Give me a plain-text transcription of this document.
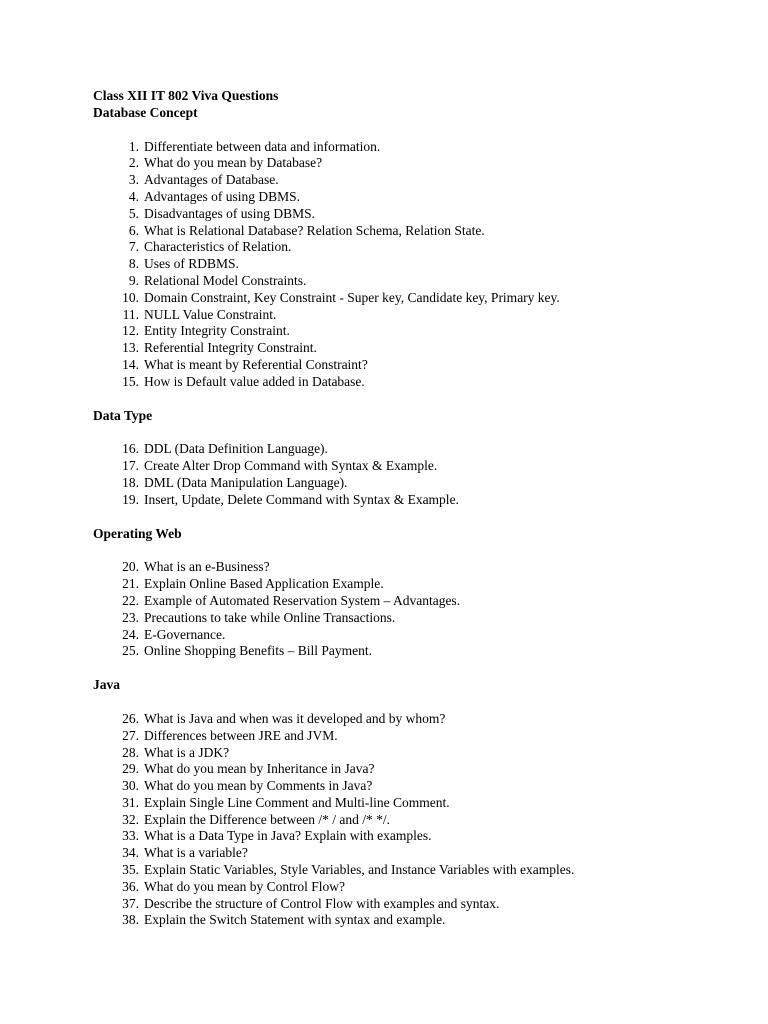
Class XII IT 802 Viva Questions

Database Concept

1. Differentiate between data and information.
2. What do you mean by Database?
3. Advantages of Database.
4. Advantages of using DBMS.
5. Disadvantages of using DBMS.
6. What is Relational Database? Relation Schema, Relation State.
7. Characteristics of Relation.
8. Uses of RDBMS.
9. Relational Model Constraints.
10. Domain Constraint, Key Constraint - Super key, Candidate key, Primary key.
11. NULL Value Constraint.
12. Entity Integrity Constraint.
13. Referential Integrity Constraint.
14. What is meant by Referential Constraint?
15. How is Default value added in Database.

Data Type

16. DDL (Data Definition Language).
17. Create Alter Drop Command with Syntax & Example.
18. DML (Data Manipulation Language).
19. Insert, Update, Delete Command with Syntax & Example.

Operating Web

20. What is an e-Business?
21. Explain Online Based Application Example.
22. Example of Automated Reservation System – Advantages.
23. Precautions to take while Online Transactions.
24. E-Governance.
25. Online Shopping Benefits – Bill Payment.

Java

26. What is Java and when was it developed and by whom?
27. Differences between JRE and JVM.
28. What is a JDK?
29. What do you mean by Inheritance in Java?
30. What do you mean by Comments in Java?
31. Explain Single Line Comment and Multi-line Comment.
32. Explain the Difference between /* / and /* */.
33. What is a Data Type in Java? Explain with examples.
34. What is a variable?
35. Explain Static Variables, Style Variables, and Instance Variables with examples.
36. What do you mean by Control Flow?
37. Describe the structure of Control Flow with examples and syntax.
38. Explain the Switch Statement with syntax and example.
